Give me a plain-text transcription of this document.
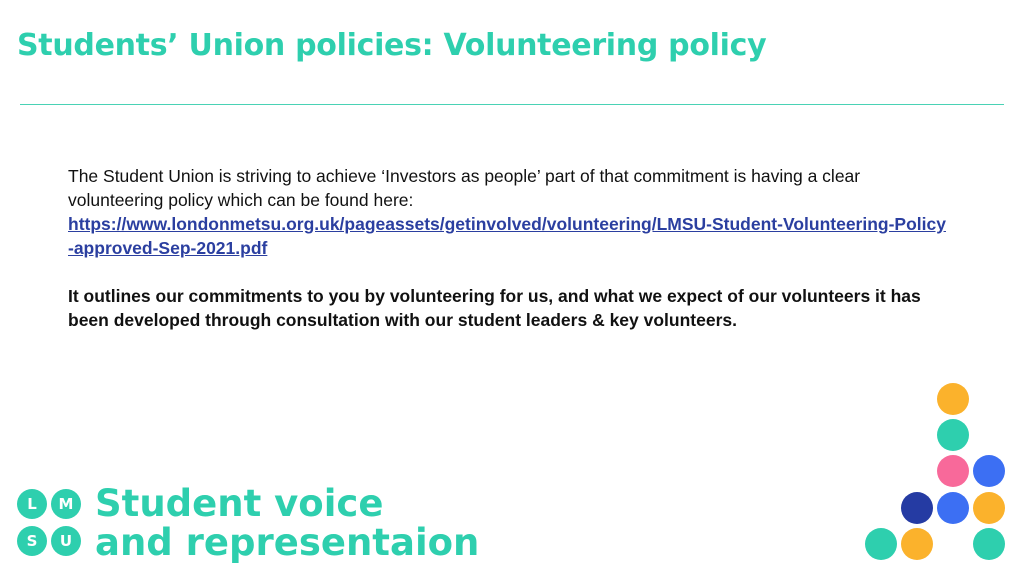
Students’ Union policies: Volunteering policy

The Student Union is striving to achieve ‘Investors as people’ part of that commitment is having a clear volunteering policy which can be found here:
https://www.londonmetsu.org.uk/pageassets/getinvolved/volunteering/LMSU-Student-Volunteering-Policy-approved-Sep-2021.pdf

It outlines our commitments to you by volunteering for us, and what we expect of our volunteers it has been developed through consultation with our student leaders & key volunteers.

L	M
S	U
Student voice
and representaion
